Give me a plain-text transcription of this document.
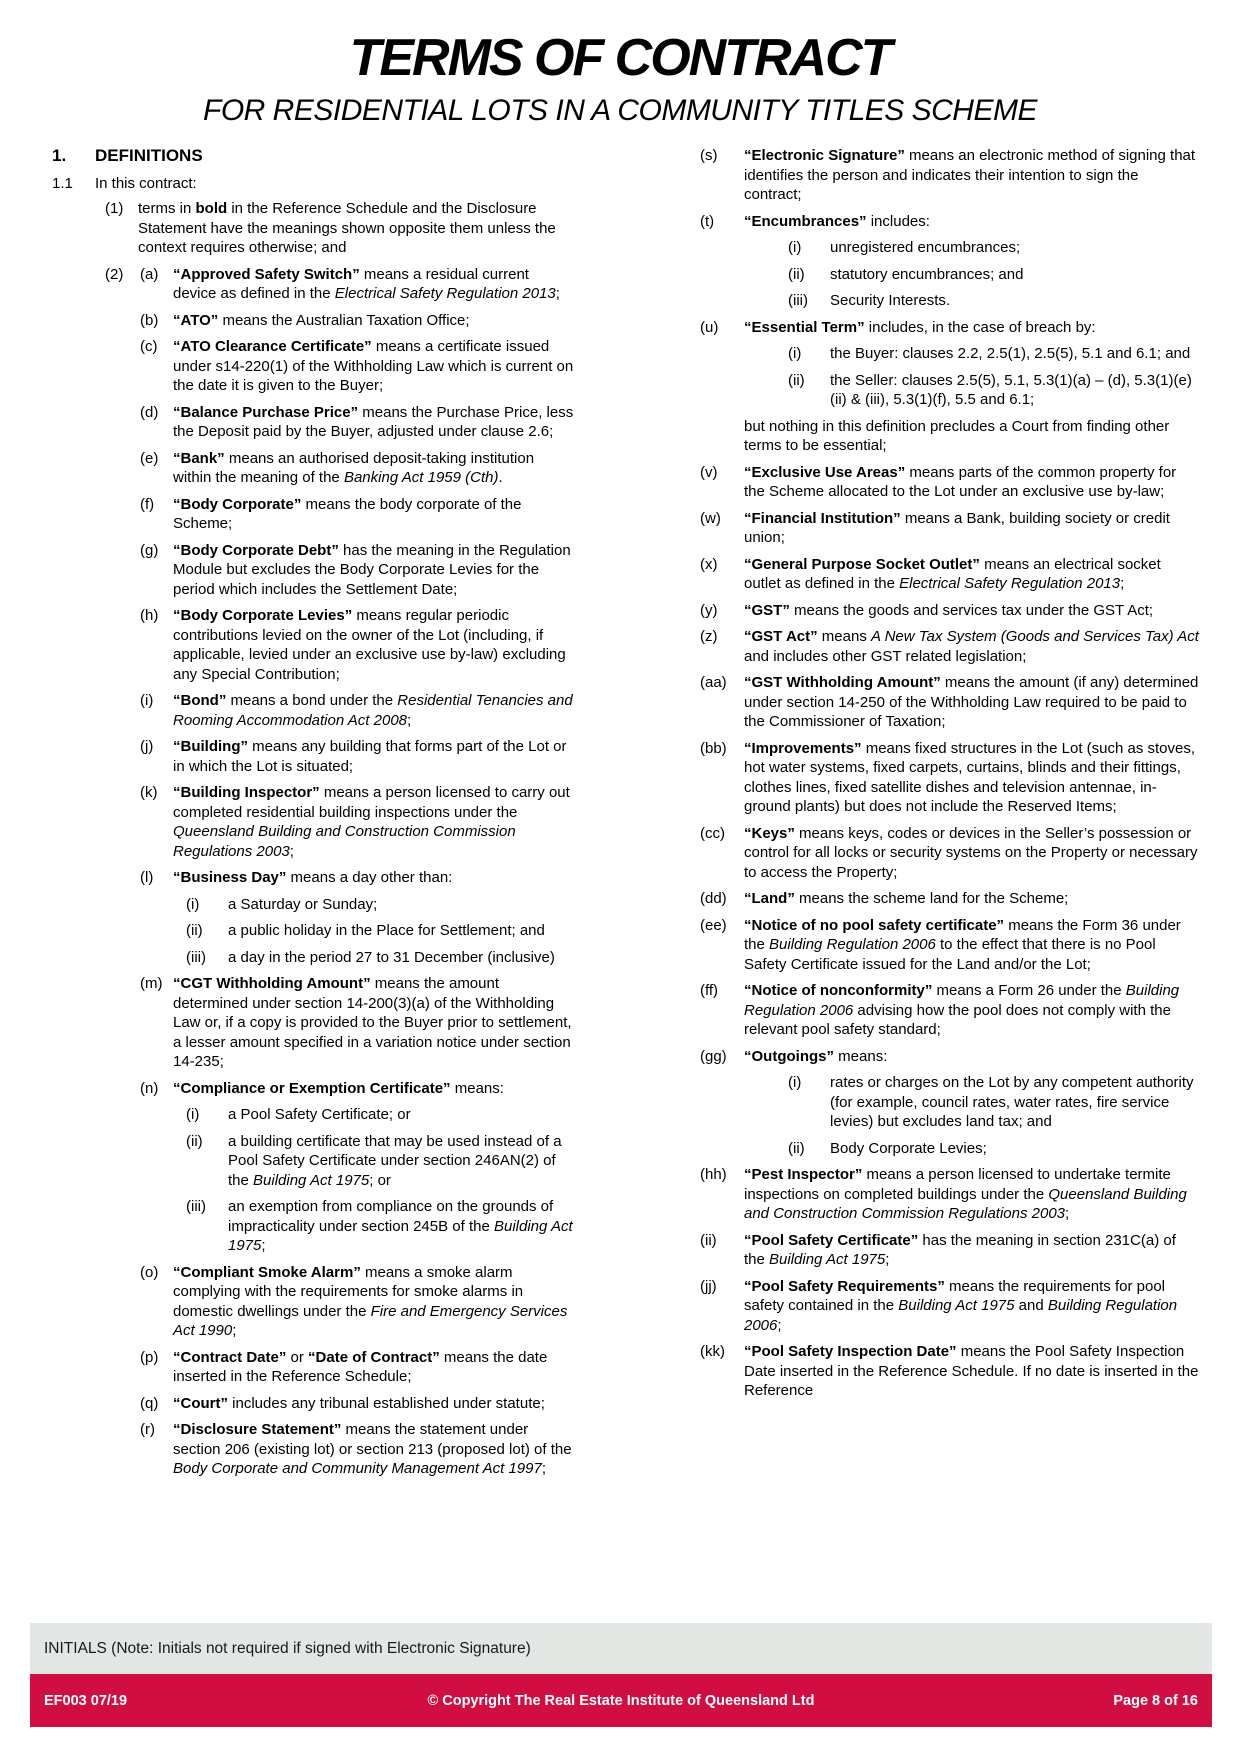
TERMS OF CONTRACT
FOR RESIDENTIAL LOTS IN A COMMUNITY TITLES SCHEME
1.	DEFINITIONS
1.1	In this contract:
(1) terms in bold in the Reference Schedule and the Disclosure Statement have the meanings shown opposite them unless the context requires otherwise; and
(2)	(a) “Approved Safety Switch” means a residual current device as defined in the Electrical Safety Regulation 2013;
(b) “ATO” means the Australian Taxation Office;
(c)	“ATO Clearance Certificate” means a certificate issued under s14-220(1) of the Withholding Law which is current on the date it is given to the Buyer;
(d) “Balance Purchase Price” means the Purchase Price, less the Deposit paid by the Buyer, adjusted under clause 2.6;
(e) “Bank” means an authorised deposit-taking institution within the meaning of the Banking Act 1959 (Cth).
(f)	“Body Corporate” means the body corporate of the Scheme;
(g) “Body Corporate Debt” has the meaning in the Regulation Module but excludes the Body Corporate Levies for the period which includes the Settlement Date;
(h) “Body Corporate Levies” means regular periodic contributions levied on the owner of the Lot (including, if applicable, levied under an exclusive use by-law) excluding any Special Contribution;
(i)	“Bond” means a bond under the Residential Tenancies and Rooming Accommodation Act 2008;
(j)	“Building” means any building that forms part of the Lot or in which the Lot is situated;
(k)	“Building Inspector” means a person licensed to carry out completed residential building inspections under the Queensland Building and Construction Commission Regulations 2003;
(l)	“Business Day” means a day other than:
(i)	a Saturday or Sunday;
(ii)	a public holiday in the Place for Settlement; and
(iii)	a day in the period 27 to 31 December (inclusive)
(m) “CGT Withholding Amount” means the amount determined under section 14-200(3)(a) of the Withholding Law or, if a copy is provided to the Buyer prior to settlement, a lesser amount specified in a variation notice under section 14-235;
(n) “Compliance or Exemption Certificate” means:
(i)	a Pool Safety Certificate; or
(ii)	a building certificate that may be used instead of a Pool Safety Certificate under section 246AN(2) of the Building Act 1975; or
(iii)	an exemption from compliance on the grounds of impracticality under section 245B of the Building Act 1975;
(o) “Compliant Smoke Alarm” means a smoke alarm complying with the requirements for smoke alarms in domestic dwellings under the Fire and Emergency Services Act 1990;
(p) “Contract Date” or “Date of Contract” means the date inserted in the Reference Schedule;
(q) “Court” includes any tribunal established under statute;
(r)	“Disclosure Statement” means the statement under section 206 (existing lot) or section 213 (proposed lot) of the Body Corporate and Community Management Act 1997;
(s)	“Electronic Signature” means an electronic method of signing that identifies the person and indicates their intention to sign the contract;
(t)	“Encumbrances” includes:
(i)	unregistered encumbrances;
(ii)	statutory encumbrances; and
(iii)	Security Interests.
(u)	“Essential Term” includes, in the case of breach by:
(i)	the Buyer: clauses 2.2, 2.5(1), 2.5(5), 5.1 and 6.1; and
(ii)	the Seller: clauses 2.5(5), 5.1, 5.3(1)(a) – (d), 5.3(1)(e)(ii) & (iii), 5.3(1)(f), 5.5 and 6.1;
but nothing in this definition precludes a Court from finding other terms to be essential;
(v)	“Exclusive Use Areas” means parts of the common property for the Scheme allocated to the Lot under an exclusive use by-law;
(w)	“Financial Institution” means a Bank, building society or credit union;
(x)	“General Purpose Socket Outlet” means an electrical socket outlet as defined in the Electrical Safety Regulation 2013;
(y)	“GST” means the goods and services tax under the GST Act;
(z)	“GST Act” means A New Tax System (Goods and Services Tax) Act and includes other GST related legislation;
(aa)	“GST Withholding Amount” means the amount (if any) determined under section 14-250 of the Withholding Law required to be paid to the Commissioner of Taxation;
(bb)	“Improvements” means fixed structures in the Lot (such as stoves, hot water systems, fixed carpets, curtains, blinds and their fittings, clothes lines, fixed satellite dishes and television antennae, in-ground plants) but does not include the Reserved Items;
(cc)	“Keys” means keys, codes or devices in the Seller’s possession or control for all locks or security systems on the Property or necessary to access the Property;
(dd)	“Land” means the scheme land for the Scheme;
(ee)	“Notice of no pool safety certificate” means the Form 36 under the Building Regulation 2006 to the effect that there is no Pool Safety Certificate issued for the Land and/or the Lot;
(ff)	“Notice of nonconformity” means a Form 26 under the Building Regulation 2006 advising how the pool does not comply with the relevant pool safety standard;
(gg)	“Outgoings” means:
(i)	rates or charges on the Lot by any competent authority (for example, council rates, water rates, fire service levies) but excludes land tax; and
(ii)	Body Corporate Levies;
(hh)	“Pest Inspector” means a person licensed to undertake termite inspections on completed buildings under the Queensland Building and Construction Commission Regulations 2003;
(ii)	“Pool Safety Certificate” has the meaning in section 231C(a) of the Building Act 1975;
(jj)	“Pool Safety Requirements” means the requirements for pool safety contained in the Building Act 1975 and Building Regulation 2006;
(kk)	“Pool Safety Inspection Date” means the Pool Safety Inspection Date inserted in the Reference Schedule. If no date is inserted in the Reference
INITIALS (Note: Initials not required if signed with Electronic Signature)
EF003 07/19	© Copyright The Real Estate Institute of Queensland Ltd	Page 8 of 16
